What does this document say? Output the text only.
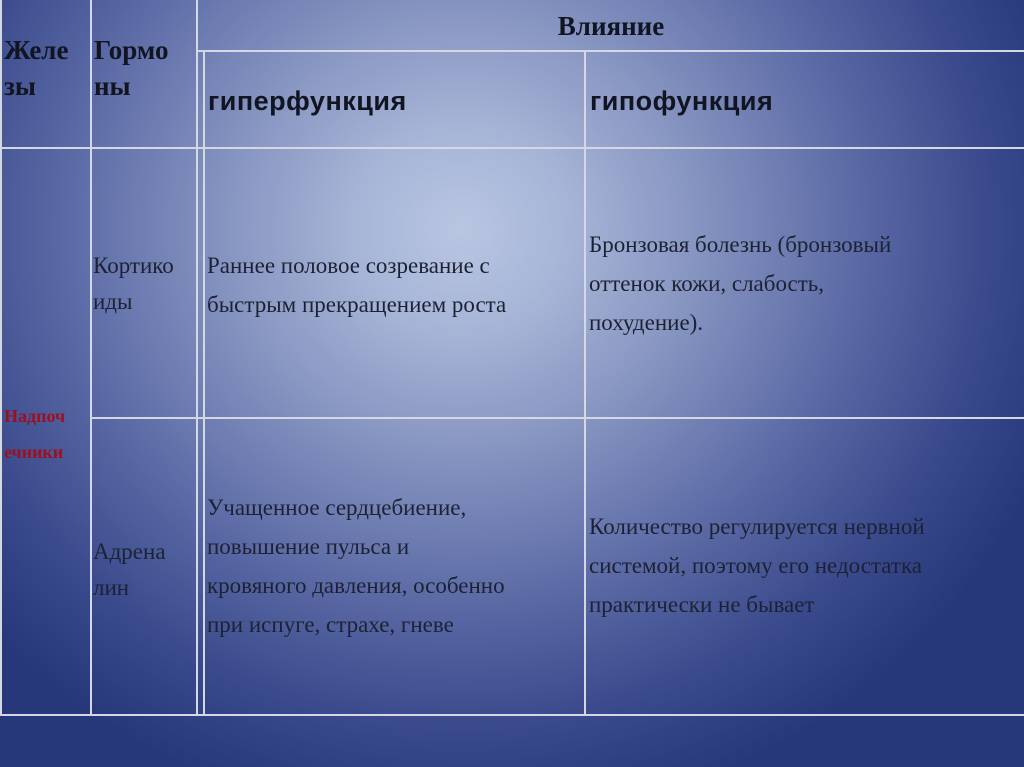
Желе
зы
Гормо
ны
Влияние
гиперфункция	гипофункция
Надпоч
ечники
Кортико
иды
Раннее половое созревание с
быстрым прекращением роста
Бронзовая болезнь (бронзовый
оттенок кожи, слабость,
похудение).
Адрена
лин
Учащенное сердцебиение,
повышение пульса и
кровяного давления, особенно
при испуге, страхе, гневе
Количество регулируется нервной
системой, поэтому его недостатка
практически не бывает
